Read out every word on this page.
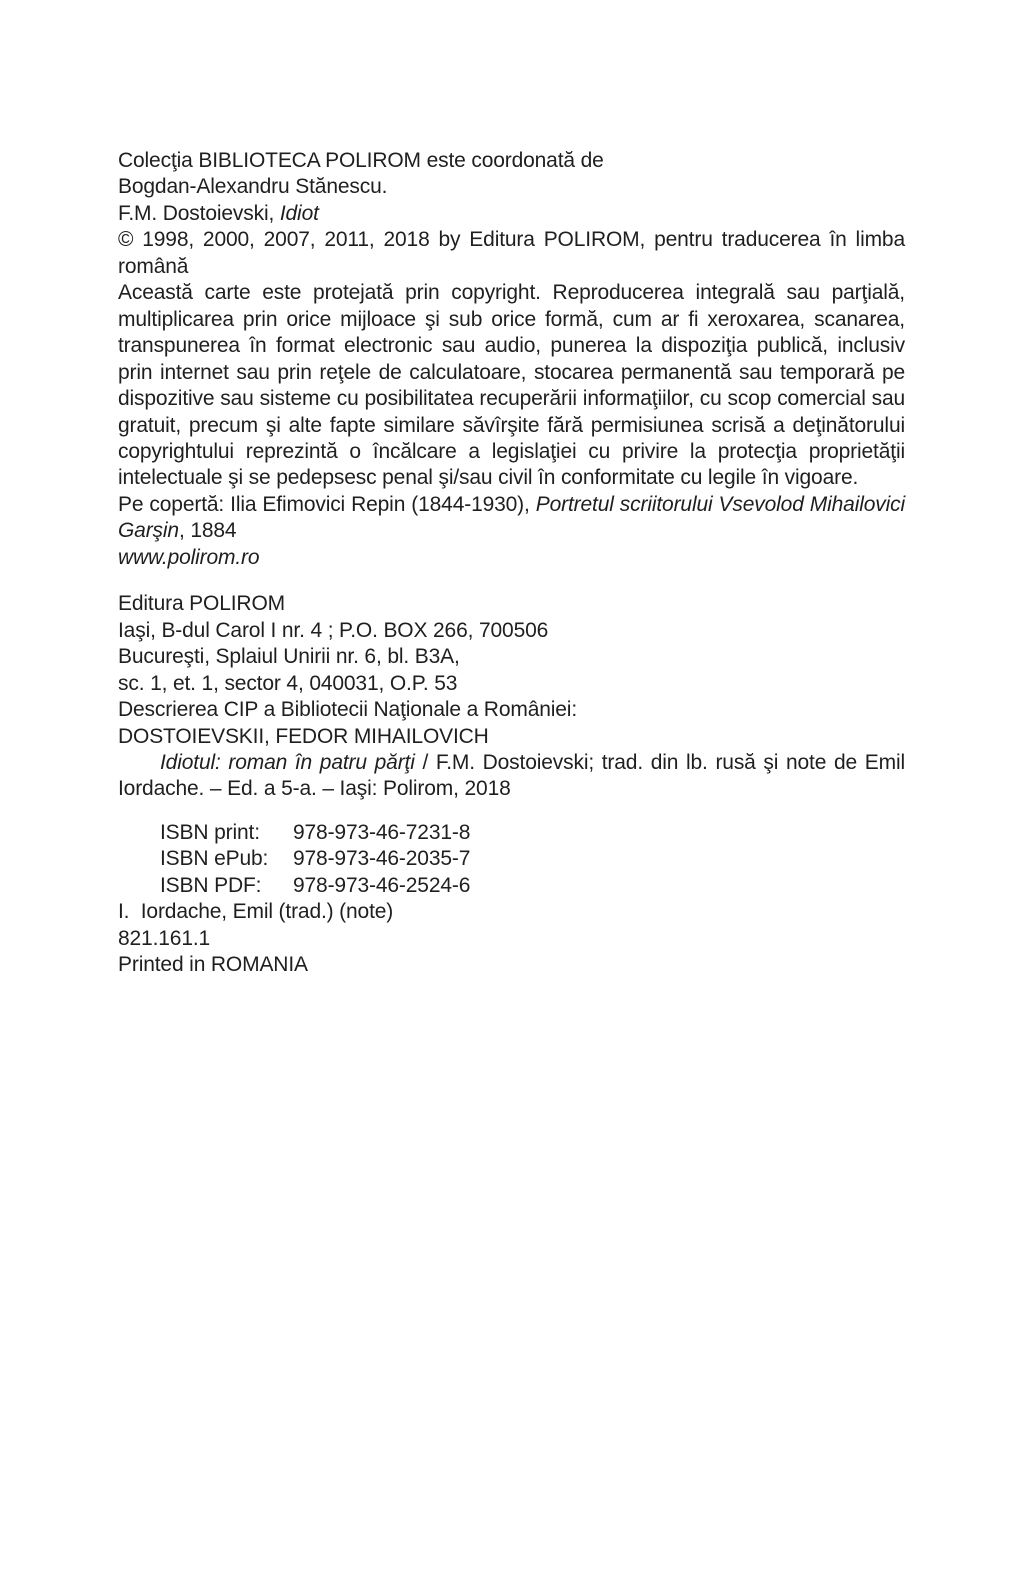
Colecţia BIBLIOTECA POLIROM este coordonată de
Bogdan-Alexandru Stănescu.

F.M. Dostoievski, Idiot

© 1998, 2000, 2007, 2011, 2018 by Editura POLIROM, pentru traducerea în limba română

Această carte este protejată prin copyright. Reproducerea integrală sau parţială, multiplicarea prin orice mijloace şi sub orice formă, cum ar fi xeroxarea, scanarea, transpunerea în format electronic sau audio, punerea la dispoziţia publică, inclusiv prin internet sau prin reţele de calculatoare, stocarea permanentă sau temporară pe dispozitive sau sisteme cu posibilitatea recuperării informaţiilor, cu scop comercial sau gratuit, precum şi alte fapte similare săvîrşite fără permisiunea scrisă a deţinătorului copyrightului reprezintă o încălcare a legislaţiei cu privire la protecţia proprietăţii intelectuale şi se pedepsesc penal şi/sau civil în conformitate cu legile în vigoare.

Pe copertă: Ilia Efimovici Repin (1844-1930), Portretul scriitorului Vsevolod Mihailovici Garşin, 1884

www.polirom.ro

Editura POLIROM

Iaşi, B-dul Carol I nr. 4 ; P.O. BOX 266, 700506

Bucureşti, Splaiul Unirii nr. 6, bl. B3A,

sc. 1, et. 1, sector 4, 040031, O.P. 53

Descrierea CIP a Bibliotecii Naţionale a României:

DOSTOIEVSKII, FEDOR MIHAILOVICH

Idiotul: roman în patru părţi / F.M. Dostoievski; trad. din lb. rusă şi note de Emil Iordache. – Ed. a 5-a. – Iaşi: Polirom, 2018

ISBN print: 978-973-46-7231-8

ISBN ePub: 978-973-46-2035-7

ISBN PDF: 978-973-46-2524-6

I.  Iordache, Emil (trad.) (note)

821.161.1

Printed in ROMANIA
